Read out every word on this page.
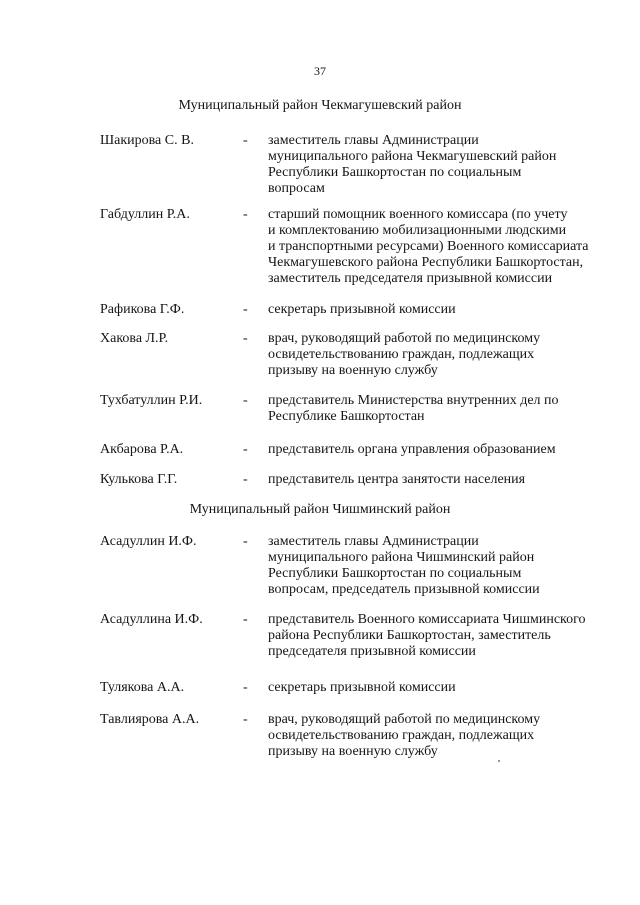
37
Муниципальный район Чекмагушевский район
Шакирова С. В.	- заместитель главы Администрации
муниципального района Чекмагушевский район
Республики Башкортостан по социальным
вопросам
Габдуллин Р.А.	- старший помощник военного комиссара (по учету
и комплектованию мобилизационными людскими
и транспортными ресурсами) Военного комиссариата
Чекмагушевского района Республики Башкортостан,
заместитель председателя призывной комиссии
Рафикова Г.Ф.	- секретарь призывной комиссии
Хакова Л.Р.	- врач, руководящий работой по медицинскому
освидетельствованию граждан, подлежащих
призыву на военную службу
Тухбатуллин Р.И.	- представитель Министерства внутренних дел по
Республике Башкортостан
Акбарова Р.А.	- представитель органа управления образованием
Кулькова Г.Г.	- представитель центра занятости населения
Муниципальный район Чишминский район
Асадуллин И.Ф.	- заместитель главы Администрации
муниципального района Чишминский район
Республики Башкортостан по социальным
вопросам, председатель призывной комиссии
Асадуллина И.Ф.	- представитель Военного комиссариата Чишминского
района Республики Башкортостан, заместитель
председателя призывной комиссии
Тулякова А.А.	- секретарь призывной комиссии
Тавлиярова А.А.	- врач, руководящий работой по медицинскому
освидетельствованию граждан, подлежащих
призыву на военную службу
